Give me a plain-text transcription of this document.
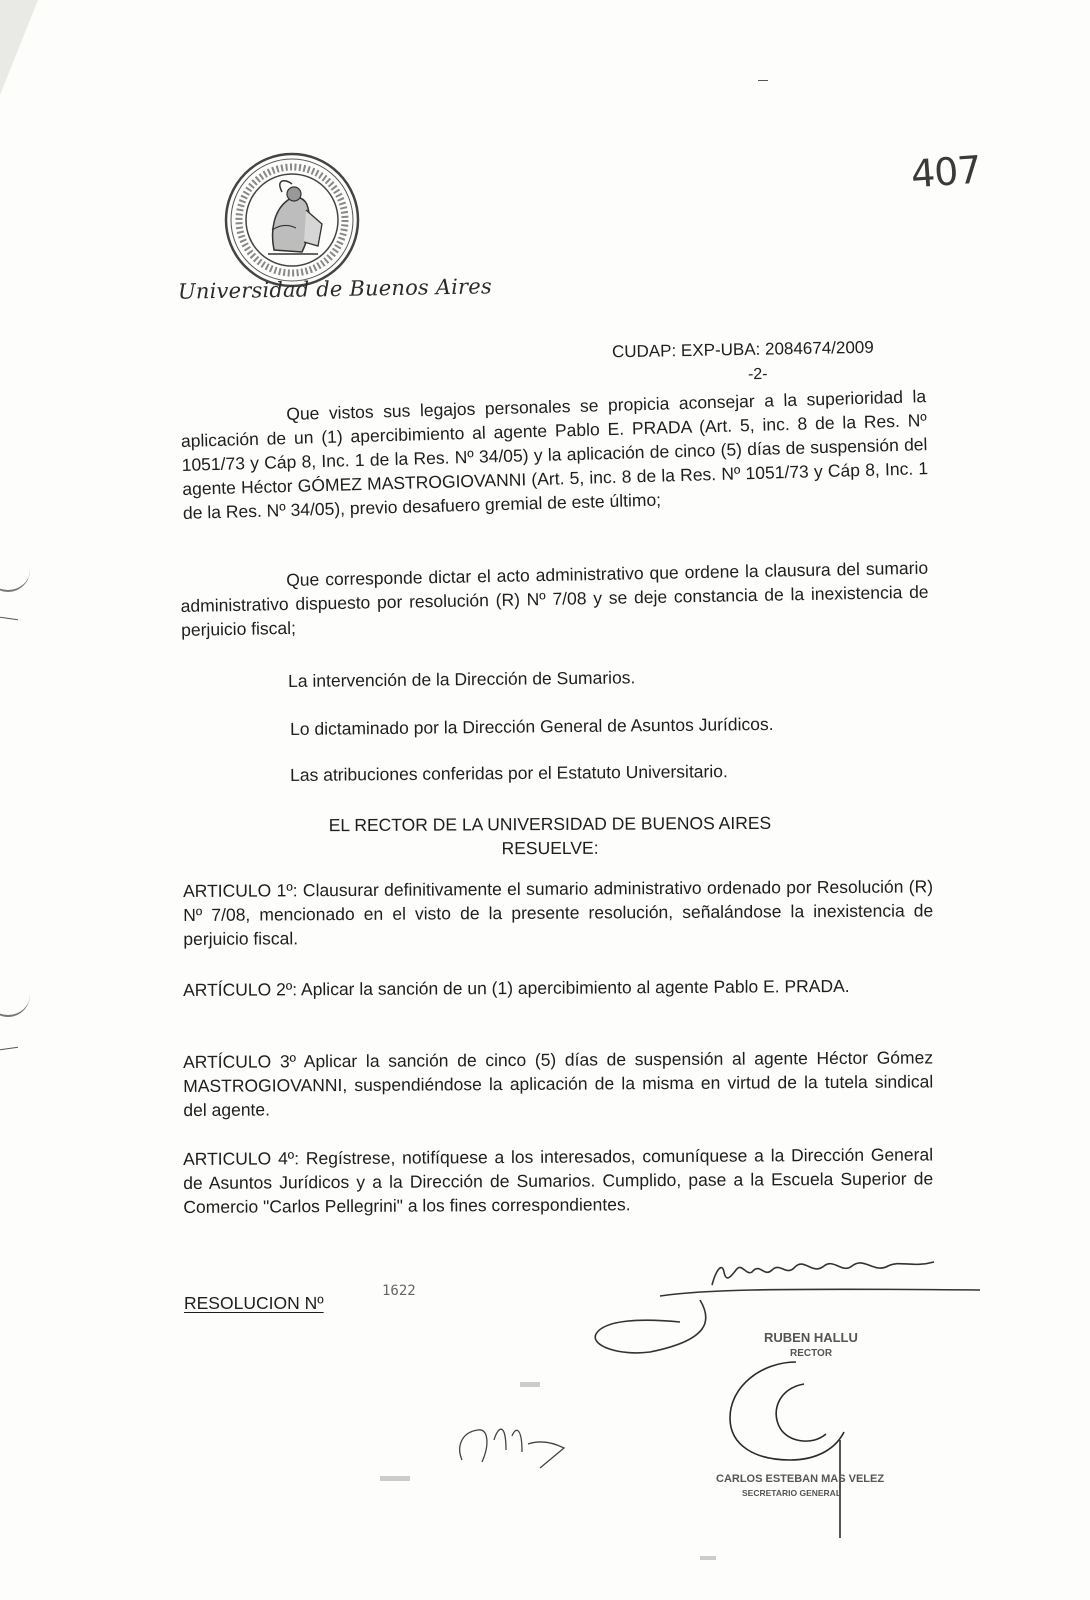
Universidad de Buenos Aires
407
CUDAP: EXP-UBA: 2084674/2009
-2-
Que vistos sus legajos personales se propicia aconsejar a la superioridad la aplicación de un (1) apercibimiento al agente Pablo E. PRADA (Art. 5, inc. 8 de la Res. Nº 1051/73 y Cáp 8, Inc. 1 de la Res. Nº 34/05) y la aplicación de cinco (5) días de suspensión del agente Héctor GÓMEZ MASTROGIOVANNI (Art. 5, inc. 8 de la Res. Nº 1051/73 y Cáp 8, Inc. 1 de la Res. Nº 34/05), previo desafuero gremial de este último;
Que corresponde dictar el acto administrativo que ordene la clausura del sumario administrativo dispuesto por resolución (R) Nº 7/08 y se deje constancia de la inexistencia de perjuicio fiscal;
La intervención de la Dirección de Sumarios.
Lo dictaminado por la Dirección General de Asuntos Jurídicos.
Las atribuciones conferidas por el Estatuto Universitario.
EL RECTOR DE LA UNIVERSIDAD DE BUENOS AIRES
RESUELVE:
ARTICULO 1º: Clausurar definitivamente el sumario administrativo ordenado por Resolución (R) Nº 7/08, mencionado en el visto de la presente resolución, señalándose la inexistencia de perjuicio fiscal.
ARTÍCULO 2º: Aplicar la sanción de un (1) apercibimiento al agente Pablo E. PRADA.
ARTÍCULO 3º Aplicar la sanción de cinco (5) días de suspensión al agente Héctor Gómez MASTROGIOVANNI, suspendiéndose la aplicación de la misma en virtud de la tutela sindical del agente.
ARTICULO 4º: Regístrese, notifíquese a los interesados, comuníquese a la Dirección General de Asuntos Jurídicos y a la Dirección de Sumarios. Cumplido, pase a la Escuela Superior de Comercio "Carlos Pellegrini" a los fines correspondientes.
RESOLUCION Nº
1622
RUBEN HALLU
RECTOR
CARLOS ESTEBAN MAS VELEZ
SECRETARIO GENERAL
